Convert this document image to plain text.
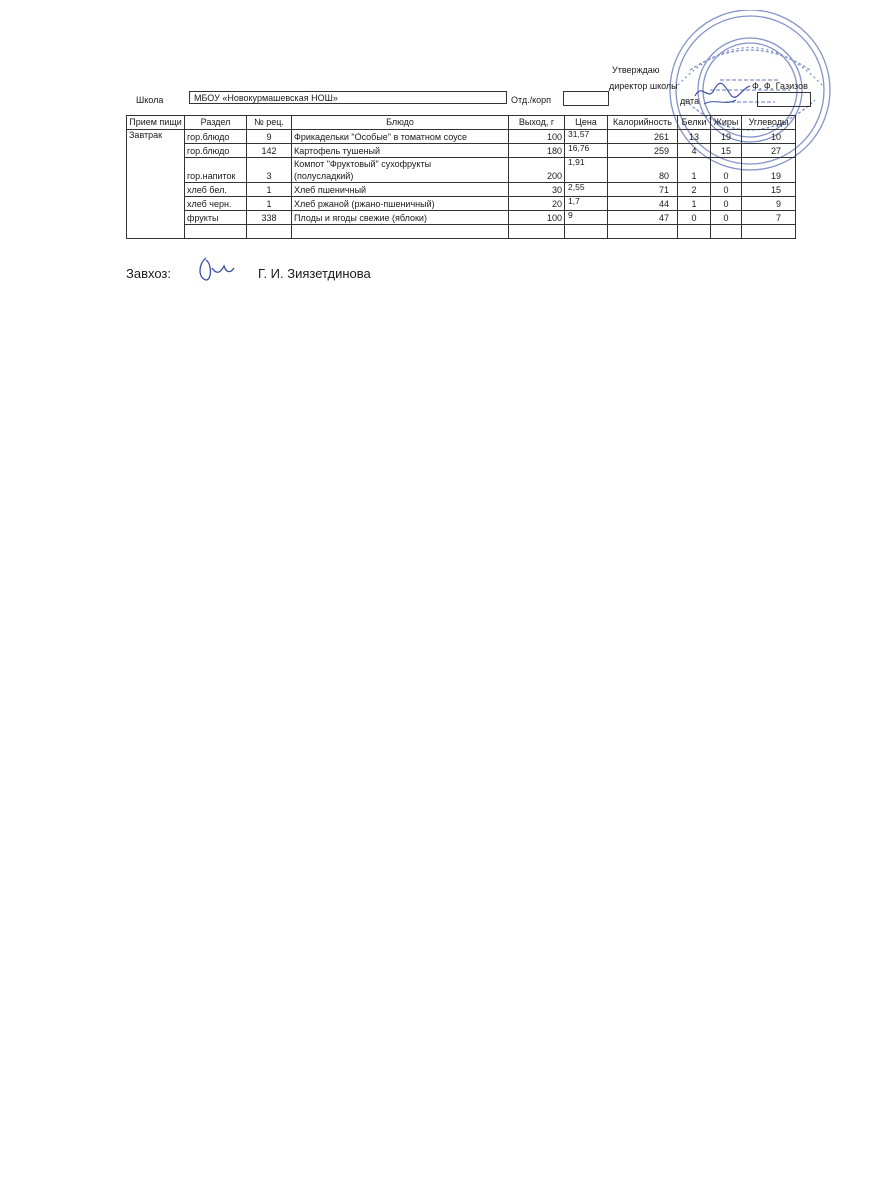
Утверждаю
директор школы	Ф. Ф. Газизов
дата
Школа	МБОУ «Новокурмашевская НОШ»	Отд./корп
Прием пищи	Раздел	№ рец.	Блюдо	Выход, г	Цена	Калорийность	Белки	Жиры	Углеводы
Завтрак	гор.блюдо	9	Фрикадельки "Особые" в томатном соусе	100	31,57	261	13	19	10
	гор.блюдо	142	Картофель тушеный	180	16,76	259	4	15	27
	гор.напиток	3	Компот "Фруктовый" сухофрукты
(полусладкий)	200	1,91	80	1	0	19
	хлеб бел.	1	Хлеб пшеничный	30	2,55	71	2	0	15
	хлеб черн.	1	Хлеб ржаной (ржано-пшеничный)	20	1,7	44	1	0	9
	фрукты	338	Плоды и ягоды свежие (яблоки)	100	9	47	0	0	7

Завхоз:	Г. И. Зиязетдинова
